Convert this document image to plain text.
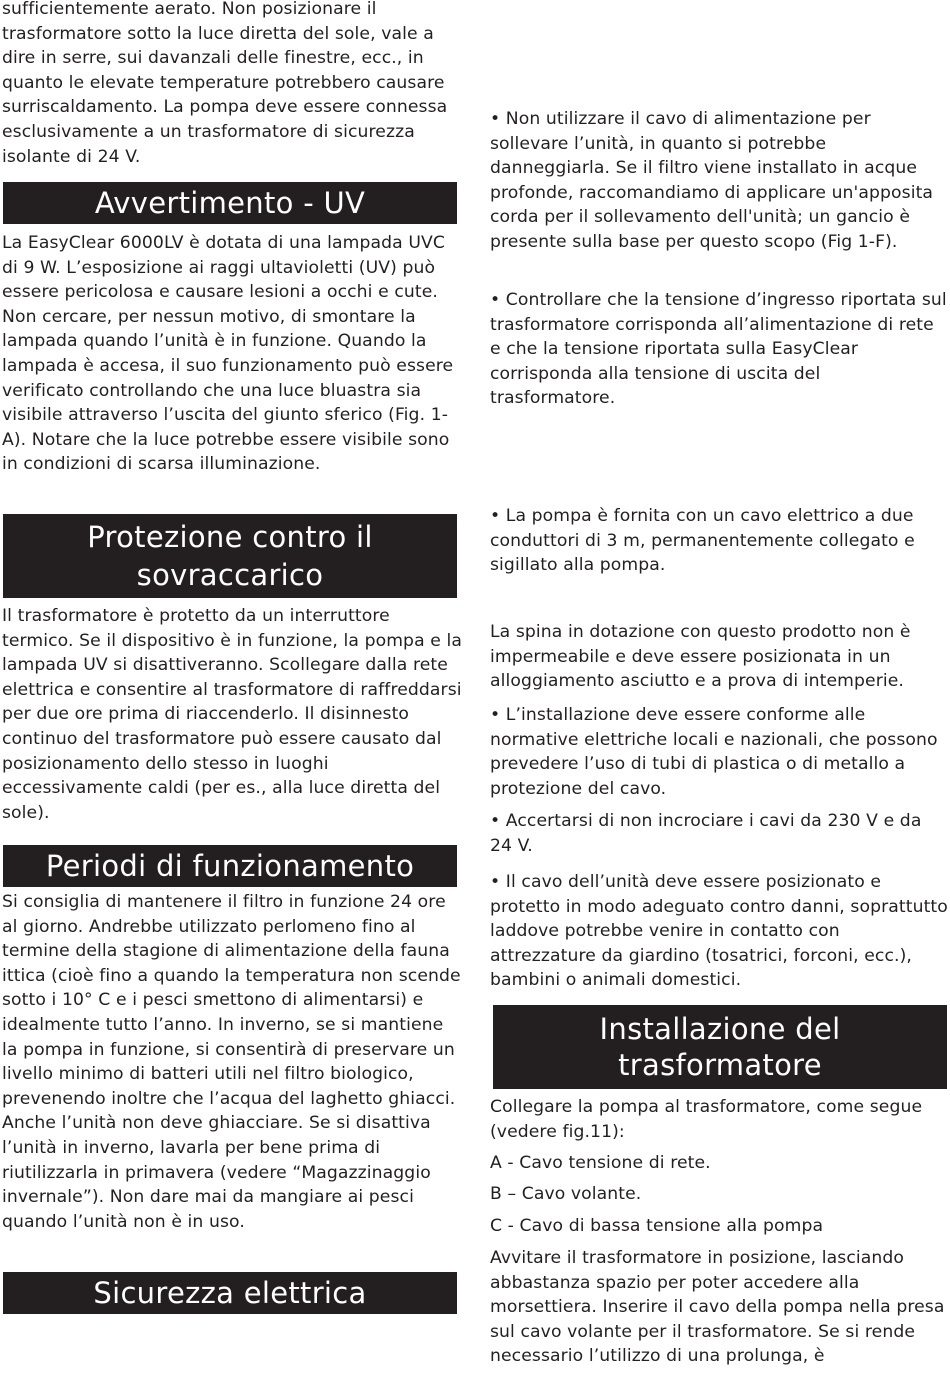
sufficientemente aerato. Non posizionare il trasformatore sotto la luce diretta del sole, vale a dire in serre, sui davanzali delle finestre, ecc., in quanto le elevate temperature potrebbero causare surriscaldamento. La pompa deve essere connessa esclusivamente a un trasformatore di sicurezza isolante di 24 V.

Avvertimento - UV

La EasyClear 6000LV è dotata di una lampada UVC di 9 W. L’esposizione ai raggi ultavioletti (UV) può essere pericolosa e causare lesioni a occhi e cute. Non cercare, per nessun motivo, di smontare la lampada quando l’unità è in funzione. Quando la lampada è accesa, il suo funzionamento può essere verificato controllando che una luce bluastra sia visibile attraverso l’uscita del giunto sferico (Fig. 1-A). Notare che la luce potrebbe essere visibile sono in condizioni di scarsa illuminazione.

Protezione contro il sovraccarico

Il trasformatore è protetto da un interruttore termico. Se il dispositivo è in funzione, la pompa e la lampada UV si disattiveranno. Scollegare dalla rete elettrica e consentire al trasformatore di raffreddarsi per due ore prima di riaccenderlo. Il disinnesto continuo del trasformatore può essere causato dal posizionamento dello stesso in luoghi eccessivamente caldi (per es., alla luce diretta del sole).

Periodi di funzionamento

Si consiglia di mantenere il filtro in funzione 24 ore al giorno. Andrebbe utilizzato perlomeno fino al termine della stagione di alimentazione della fauna ittica (cioè fino a quando la temperatura non scende sotto i 10° C e i pesci smettono di alimentarsi) e idealmente tutto l’anno. In inverno, se si mantiene la pompa in funzione, si consentirà di preservare un livello minimo di batteri utili nel filtro biologico, prevenendo inoltre che l’acqua del laghetto ghiacci. Anche l’unità non deve ghiacciare. Se si disattiva l’unità in inverno, lavarla per bene prima di riutilizzarla in primavera (vedere “Magazzinaggio invernale”). Non dare mai da mangiare ai pesci quando l’unità non è in uso.

Sicurezza elettrica

• Non utilizzare il cavo di alimentazione per sollevare l’unità, in quanto si potrebbe danneggiarla. Se il filtro viene installato in acque profonde, raccomandiamo di applicare un'apposita corda per il sollevamento dell'unità; un gancio è presente sulla base per questo scopo (Fig 1-F).

• Controllare che la tensione d’ingresso riportata sul trasformatore corrisponda all’alimentazione di rete e che la tensione riportata sulla EasyClear corrisponda alla tensione di uscita del trasformatore.

• La pompa è fornita con un cavo elettrico a due conduttori di 3 m, permanentemente collegato e sigillato alla pompa.

La spina in dotazione con questo prodotto non è impermeabile e deve essere posizionata in un alloggiamento asciutto e a prova di intemperie.

• L’installazione deve essere conforme alle normative elettriche locali e nazionali, che possono prevedere l’uso di tubi di plastica o di metallo a protezione del cavo.

• Accertarsi di non incrociare i cavi da 230 V e da 24 V.

• Il cavo dell’unità deve essere posizionato e protetto in modo adeguato contro danni, soprattutto laddove potrebbe venire in contatto con attrezzature da giardino (tosatrici, forconi, ecc.), bambini o animali domestici.

Installazione del trasformatore

Collegare la pompa al trasformatore, come segue (vedere fig.11):

A - Cavo tensione di rete.

B – Cavo volante.

C - Cavo di bassa tensione alla pompa

Avvitare il trasformatore in posizione, lasciando abbastanza spazio per poter accedere alla morsettiera. Inserire il cavo della pompa nella presa sul cavo volante per il trasformatore. Se si rende necessario l’utilizzo di una prolunga, è
